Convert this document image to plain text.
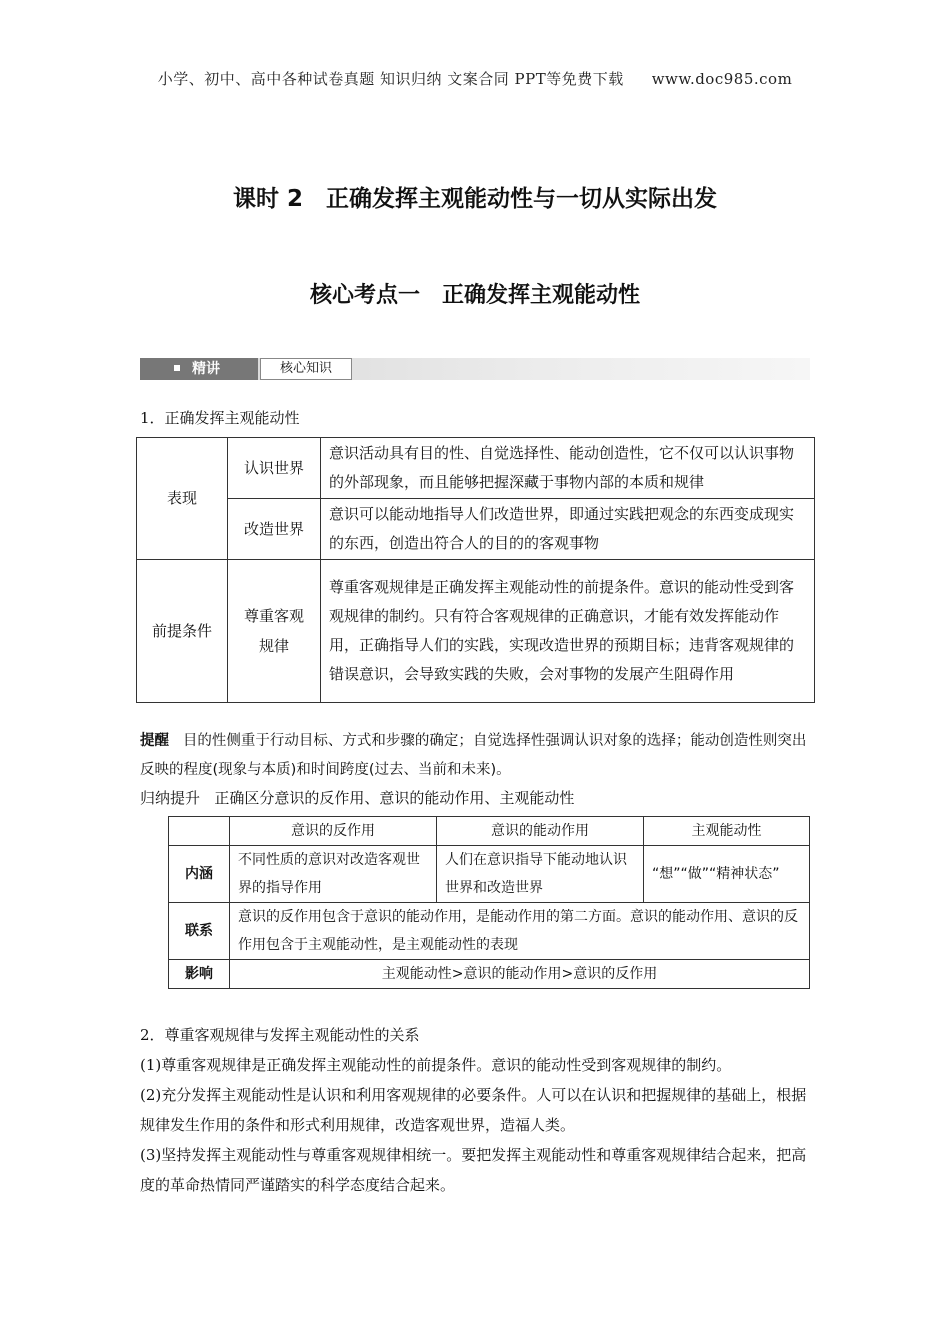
小学、初中、高中各种试卷真题 知识归纳 文案合同 PPT等免费下载 www.doc985.com
课时 2　正确发挥主观能动性与一切从实际出发
核心考点一　正确发挥主观能动性
精讲	核心知识
1．正确发挥主观能动性
表现	认识世界	意识活动具有目的性、自觉选择性、能动创造性，它不仅可以认识事物的外部现象，而且能够把握深藏于事物内部的本质和规律
	改造世界	意识可以能动地指导人们改造世界，即通过实践把观念的东西变成现实的东西，创造出符合人的目的的客观事物
前提条件	尊重客观规律	尊重客观规律是正确发挥主观能动性的前提条件。意识的能动性受到客观规律的制约。只有符合客观规律的正确意识，才能有效发挥能动作用，正确指导人们的实践，实现改造世界的预期目标；违背客观规律的错误意识，会导致实践的失败，会对事物的发展产生阻碍作用
提醒 目的性侧重于行动目标、方式和步骤的确定；自觉选择性强调认识对象的选择；能动创造性则突出反映的程度(现象与本质)和时间跨度(过去、当前和未来)。
归纳提升 正确区分意识的反作用、意识的能动作用、主观能动性
	意识的反作用	意识的能动作用	主观能动性
内涵	不同性质的意识对改造客观世界的指导作用	人们在意识指导下能动地认识世界和改造世界	“想”“做”“精神状态”
联系	意识的反作用包含于意识的能动作用，是能动作用的第二方面。意识的能动作用、意识的反作用包含于主观能动性，是主观能动性的表现		
影响	主观能动性>意识的能动作用>意识的反作用		
2．尊重客观规律与发挥主观能动性的关系
(1)尊重客观规律是正确发挥主观能动性的前提条件。意识的能动性受到客观规律的制约。
(2)充分发挥主观能动性是认识和利用客观规律的必要条件。人可以在认识和把握规律的基础上，根据规律发生作用的条件和形式利用规律，改造客观世界，造福人类。
(3)坚持发挥主观能动性与尊重客观规律相统一。要把发挥主观能动性和尊重客观规律结合起来，把高度的革命热情同严谨踏实的科学态度结合起来。
